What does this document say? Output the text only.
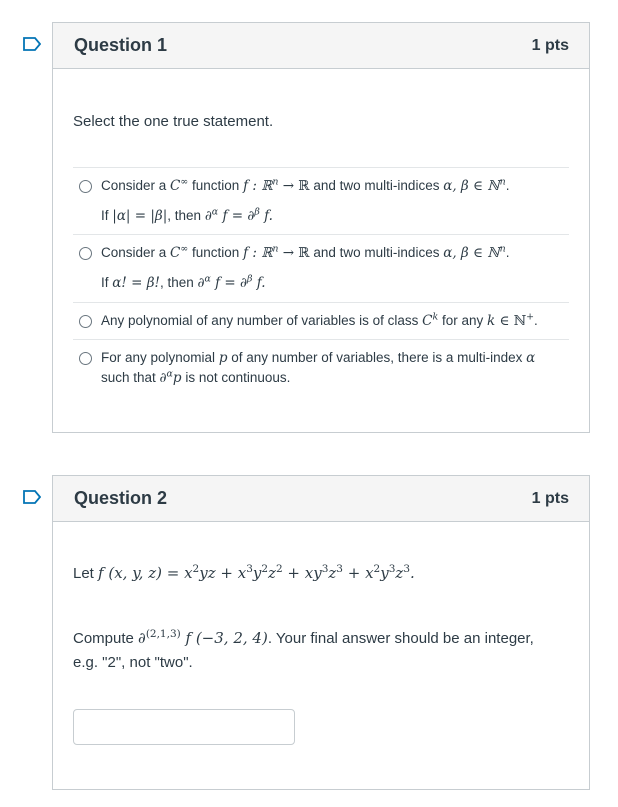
Question 1	1 pts
Select the one true statement.
Consider a C∞ function f : ℝ$^n$ → ℝ and two multi-indices α, β ∈ ℕ$^n$.
If |α| = |β|, then ∂$^\alpha$ f = ∂$^\beta$ f.
Consider a C∞ function f : ℝ$^n$ → ℝ and two multi-indices α, β ∈ ℕ$^n$.
If α! = β!, then ∂$^\alpha$ f = ∂$^\beta$ f.
Any polynomial of any number of variables is of class $C^k$ for any k ∈ ℕ+.
For any polynomial p of any number of variables, there is a multi-index α
such that ∂$^\alpha$p is not continuous.
Question 2	1 pts
Let f (x, y, $z) = x^2yz + x^3y^2z^2 + xy^3z^3 + x^2y^3z^3$.
Compute ∂$^{(2,1,3)}$ f (−3, 2, 4). Your final answer should be an integer,
e.g. "2", not "two".
